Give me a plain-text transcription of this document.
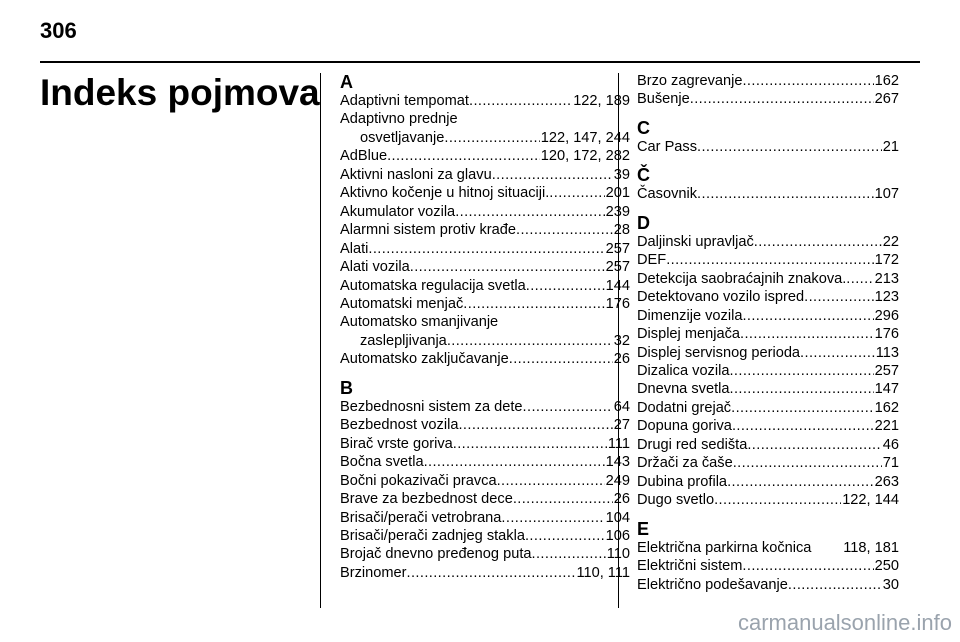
306
Indeks pojmova A
Adaptivni tempomat .....	122, 189
Adaptivno prednje
osvetljavanje .....	122, 147, 244
AdBlue .....	120, 172, 282
Aktivni nasloni za glavu .....	39
Aktivno kočenje u hitnoj situaciji. .....	201
Akumulator vozila .....	239
Alarmni sistem protiv krađe .....	28
Alati .....	257
Alati vozila .....	257
Automatska regulacija svetla .....	144
Automatski menjač .....	176
Automatsko smanjivanje
zaslepljivanja .....	32
Automatsko zaključavanje .....	26
B
Bezbednosni sistem za dete .....	64
Bezbednost vozila .....	27
Birač vrste goriva .....	111
Bočna svetla .....	143
Bočni pokazivači pravca .....	249
Brave za bezbednost dece .....	26
Brisači/perači vetrobrana .....	104
Brisači/perači zadnjeg stakla .....	106
Brojač dnevno pređenog puta .....	110
Brzinomer .....	110, 111
Brzo zagrevanje .....	162
Bušenje .....	267
C
Car Pass .....	21
Č
Časovnik .....	107
D
Daljinski upravljač .....	22
DEF .....	172
Detekcija saobraćajnih znakova. ..... 213
Detektovano vozilo ispred .....	123
Dimenzije vozila .....	296
Displej menjača .....	176
Displej servisnog perioda .....	113
Dizalica vozila .....	257
Dnevna svetla .....	147
Dodatni grejač .....	162
Dopuna goriva .....	221
Drugi red sedišta .....	46
Držači za čaše .....	71
Dubina profila .....	263
Dugo svetlo .....	122, 144
E
Električna parkirna kočnica 118, 181
Električni sistem .....	250
Električno podešavanje .....	30
carmanualsonline.info
